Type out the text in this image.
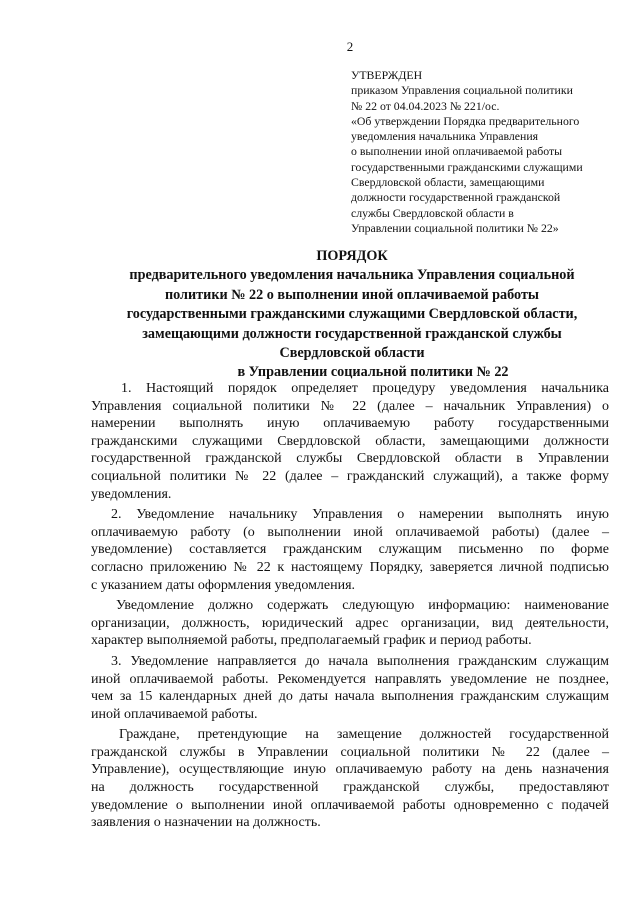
2
УТВЕРЖДЕН
приказом Управления социальной политики
№ 22 от 04.04.2023 № 221/ос.
«Об утверждении Порядка предварительного
уведомления начальника Управления
о выполнении иной оплачиваемой работы
государственными гражданскими служащими
Свердловской области, замещающими
должности государственной гражданской
службы Свердловской области в
Управлении социальной политики № 22»
ПОРЯДОК
предварительного уведомления начальника Управления социальной
политики № 22 о выполнении иной оплачиваемой работы
государственными гражданскими служащими Свердловской области,
замещающими должности государственной гражданской службы
Свердловской области
в Управлении социальной политики № 22
1. Настоящий порядок определяет процедуру уведомления начальника
Управления социальной политики № 22 (далее – начальник Управления) о
намерении выполнять иную оплачиваемую работу государственными
гражданскими служащими Свердловской области, замещающими должности
государственной гражданской службы Свердловской области в Управлении
социальной политики № 22 (далее – гражданский служащий), а также форму
уведомления.
2. Уведомление начальнику Управления о намерении выполнять иную
оплачиваемую работу (о выполнении иной оплачиваемой работы) (далее –
уведомление) составляется гражданским служащим письменно по форме
согласно приложению № 22 к настоящему Порядку, заверяется личной подписью
с указанием даты оформления уведомления.
Уведомление должно содержать следующую информацию: наименование
организации, должность, юридический адрес организации, вид деятельности,
характер выполняемой работы, предполагаемый график и период работы.
3. Уведомление направляется до начала выполнения гражданским служащим
иной оплачиваемой работы. Рекомендуется направлять уведомление не позднее,
чем за 15 календарных дней до даты начала выполнения гражданским служащим
иной оплачиваемой работы.
Граждане, претендующие на замещение должностей государственной
гражданской службы в Управлении социальной политики № 22 (далее –
Управление), осуществляющие иную оплачиваемую работу на день назначения
на должность государственной гражданской службы, предоставляют
уведомление о выполнении иной оплачиваемой работы одновременно с подачей
заявления о назначении на должность.
